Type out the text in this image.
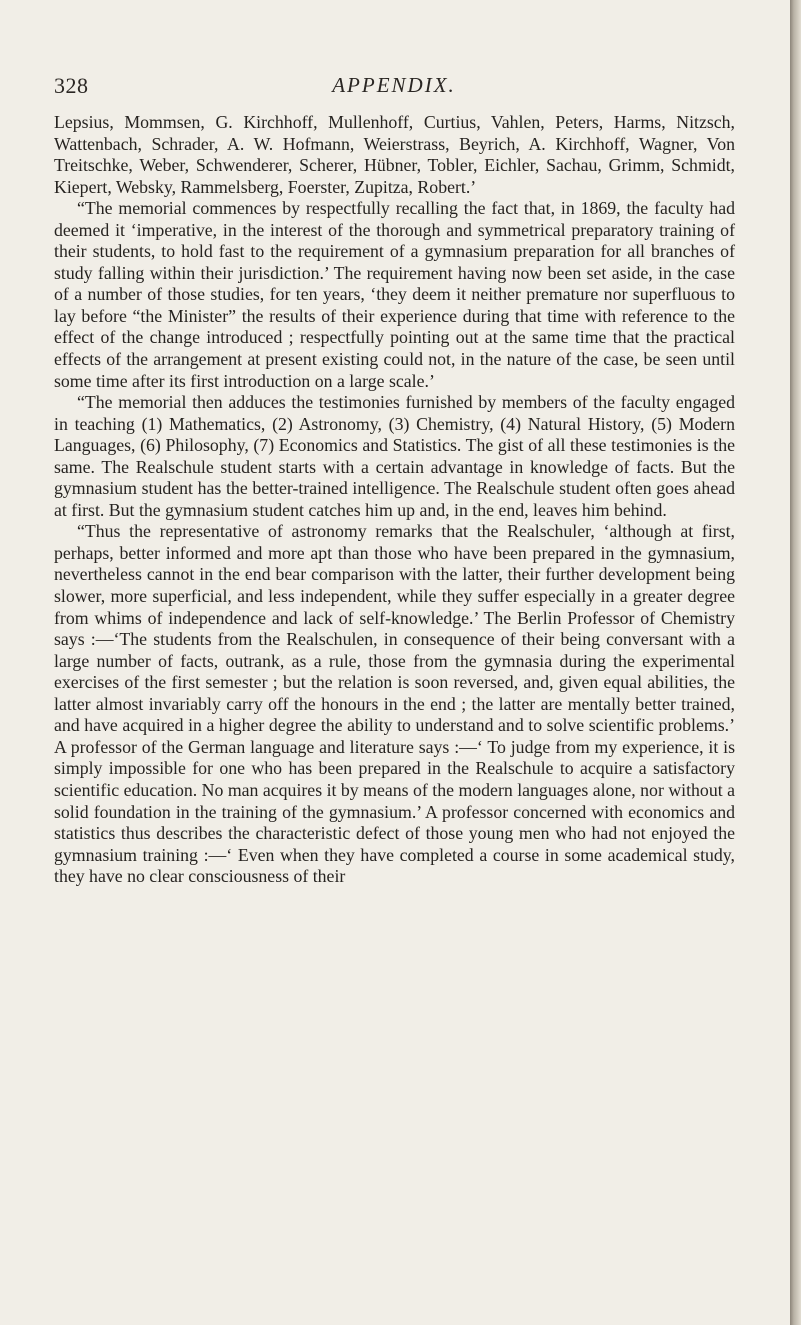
328	APPENDIX.

Lepsius, Mommsen, G. Kirchhoff, Mullenhoff, Curtius, Vahlen, Peters, Harms, Nitzsch, Wattenbach, Schrader, A. W. Hofmann, Weierstrass, Beyrich, A. Kirchhoff, Wagner, Von Treitschke, Weber, Schwenderer, Scherer, Hübner, Tobler, Eichler, Sachau, Grimm, Schmidt, Kiepert, Websky, Rammelsberg, Foerster, Zupitza, Robert.’

“The memorial commences by respectfully recalling the fact that, in 1869, the faculty had deemed it ‘imperative, in the interest of the thorough and symmetrical preparatory training of their students, to hold fast to the requirement of a gymnasium preparation for all branches of study falling within their jurisdiction.’ The requirement having now been set aside, in the case of a number of those studies, for ten years, ‘they deem it neither premature nor superfluous to lay before “the Minister” the results of their experience during that time with reference to the effect of the change introduced ; respectfully pointing out at the same time that the practical effects of the arrangement at present existing could not, in the nature of the case, be seen until some time after its first introduction on a large scale.’

“The memorial then adduces the testimonies furnished by members of the faculty engaged in teaching (1) Mathematics, (2) Astronomy, (3) Chemistry, (4) Natural History, (5) Modern Languages, (6) Philosophy, (7) Economics and Statistics. The gist of all these testimonies is the same. The Realschule student starts with a certain advantage in knowledge of facts. But the gymnasium student has the better-trained intelligence. The Realschule student often goes ahead at first. But the gymnasium student catches him up and, in the end, leaves him behind.

“Thus the representative of astronomy remarks that the Realschuler, ‘although at first, perhaps, better informed and more apt than those who have been prepared in the gymnasium, nevertheless cannot in the end bear comparison with the latter, their further development being slower, more superficial, and less independent, while they suffer especially in a greater degree from whims of independence and lack of self-knowledge.’ The Berlin Professor of Chemistry says :—‘The students from the Realschulen, in consequence of their being conversant with a large number of facts, outrank, as a rule, those from the gymnasia during the experimental exercises of the first semester ; but the relation is soon reversed, and, given equal abilities, the latter almost invariably carry off the honours in the end ; the latter are mentally better trained, and have acquired in a higher degree the ability to understand and to solve scientific problems.’ A professor of the German language and literature says :—‘ To judge from my experience, it is simply impossible for one who has been prepared in the Realschule to acquire a satisfactory scientific education. No man acquires it by means of the modern languages alone, nor without a solid foundation in the training of the gymnasium.’ A professor concerned with economics and statistics thus describes the characteristic defect of those young men who had not enjoyed the gymnasium training :—‘ Even when they have completed a course in some academical study, they have no clear consciousness of their
